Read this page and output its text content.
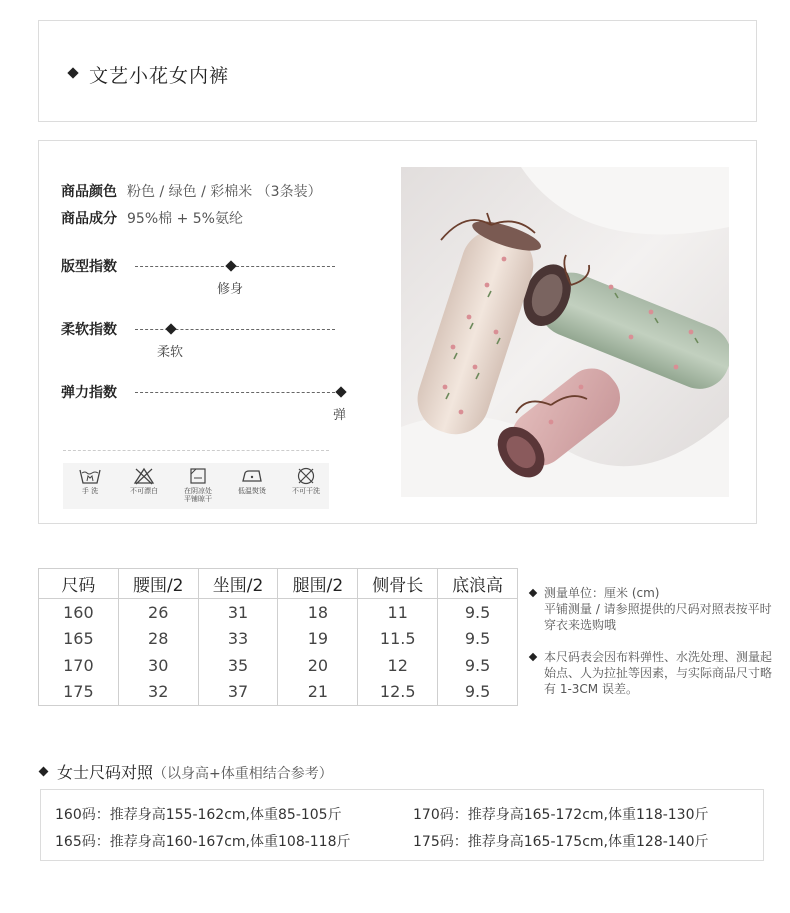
文艺小花女内裤
商品颜色 粉色 / 绿色 / 彩棉米 （3条装）
商品成分 95%棉 + 5%氨纶
版型指数
修身
柔软指数
柔软
弹力指数
弹
手 洗	不可漂白	在阴凉处
平铺晾干
低温熨烫	不可干洗
尺码	腰围/2	坐围/2	腿围/2	侧骨长	底浪高
160	26	31	18	11	9.5
165	28	33	19	11.5	9.5
170	30	35	20	12	9.5
175	32	37	21	12.5	9.5
测量单位：厘米 (cm)
平铺测量 / 请参照提供的尺码对照表按平时穿衣来选购哦
本尺码表会因布料弹性、水洗处理、测量起始点、人为拉扯等因素，与实际商品尺寸略有 1-3CM 误差。
女士尺码对照（以身高+体重相结合参考）
160码：推荐身高155-162cm,体重85-105斤	170码：推荐身高165-172cm,体重118-130斤
165码：推荐身高160-167cm,体重108-118斤	175码：推荐身高165-175cm,体重128-140斤
